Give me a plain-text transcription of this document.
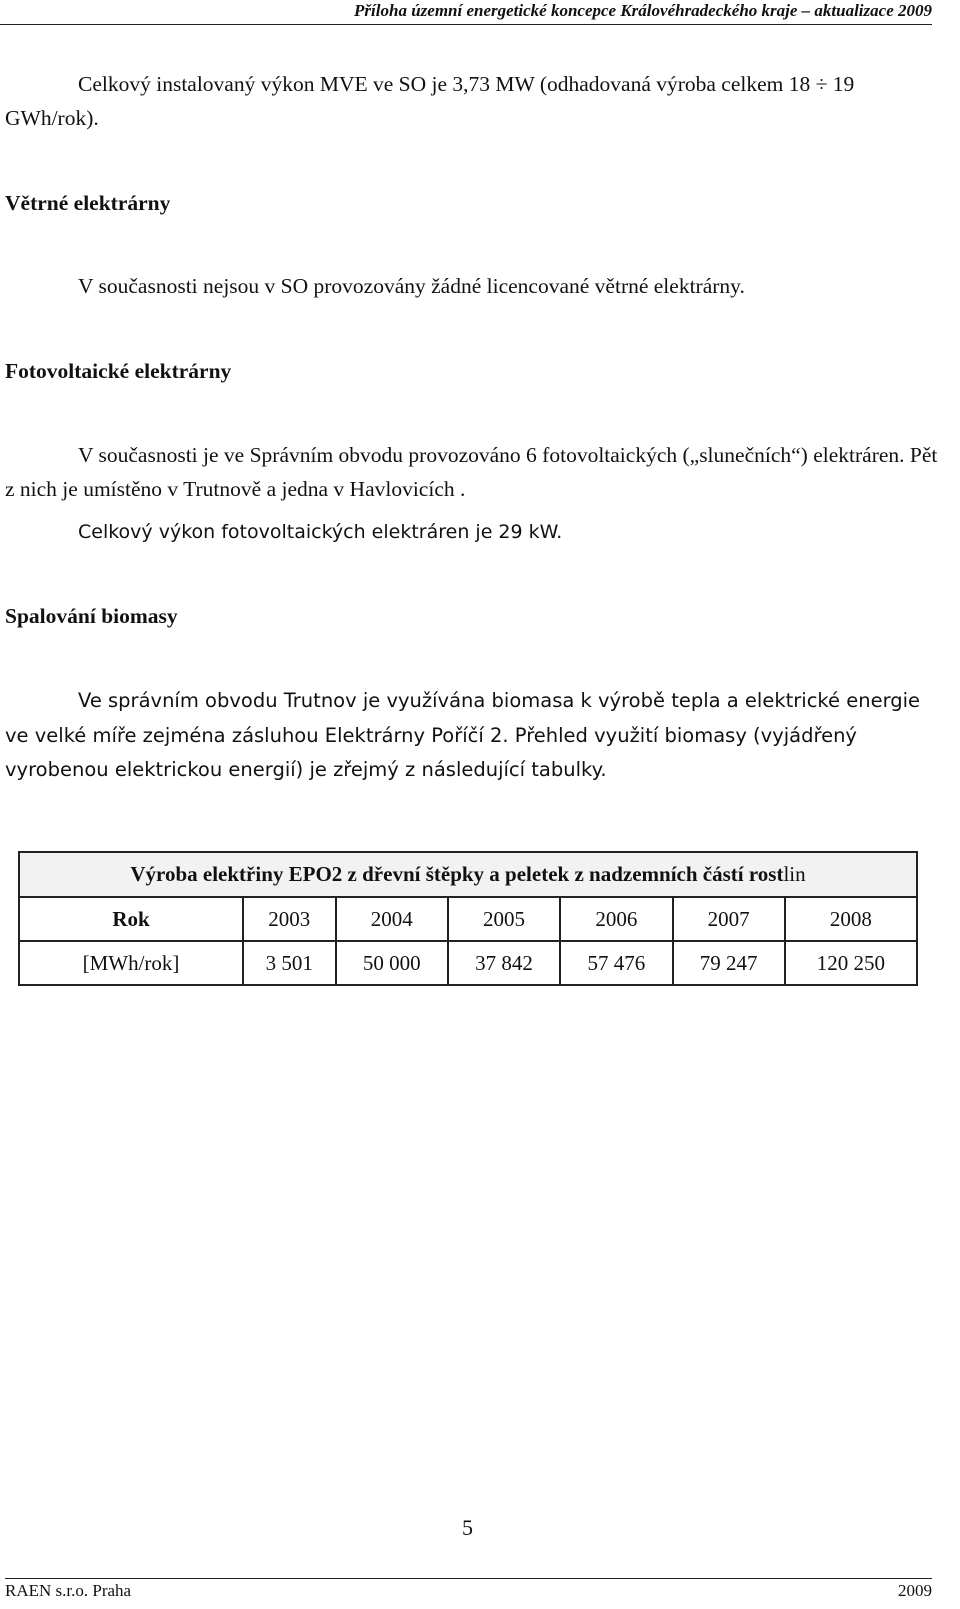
Příloha územní energetické koncepce Královéhradeckého kraje – aktualizace 2009

Celkový instalovaný výkon MVE ve SO je 3,73 MW (odhadovaná výroba celkem 18 ÷ 19 GWh/rok).

Větrné elektrárny

V současnosti nejsou v SO provozovány žádné licencované větrné elektrárny.

Fotovoltaické elektrárny

V současnosti je ve Správním obvodu provozováno 6 fotovoltaických („slunečních“) elektráren. Pět z nich je umístěno v Trutnově a jedna v Havlovicích .

Celkový výkon fotovoltaických elektráren je 29 kW.

Spalování biomasy

Ve správním obvodu Trutnov je využívána biomasa k výrobě tepla a elektrické energie ve velké míře zejména zásluhou Elektrárny Poříčí 2. Přehled využití biomasy (vyjádřený vyrobenou elektrickou energií) je zřejmý z následující tabulky.

Výroba elektřiny EPO2 z dřevní štěpky a peletek z nadzemních částí rostlin						
Rok	2003	2004	2005	2006	2007	2008
[MWh/rok]	3 501	50 000	37 842	57 476	79 247	120 250
5
RAEN s.r.o. Praha	2009
